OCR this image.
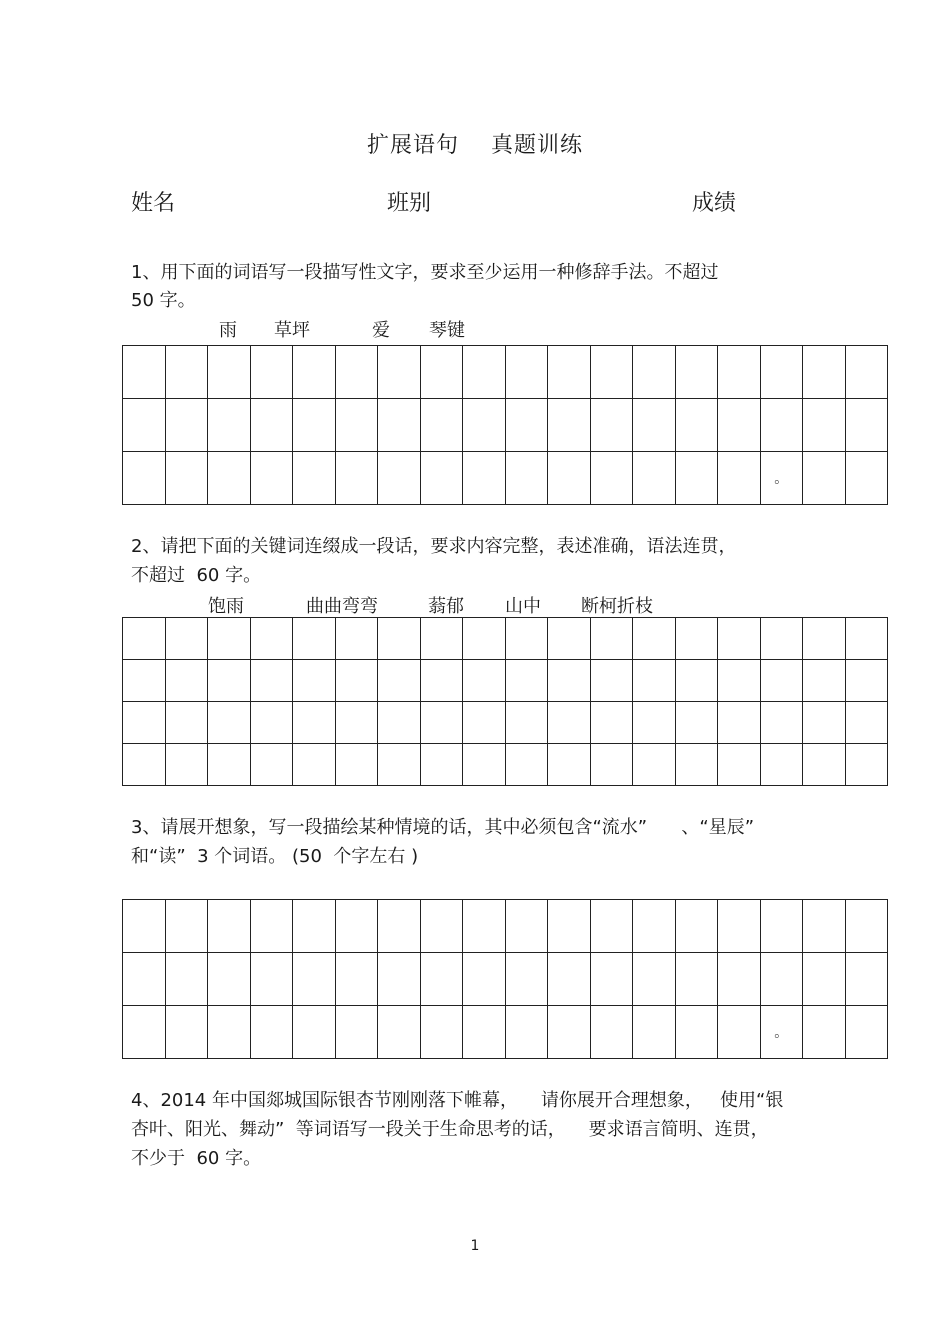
扩展语句 真题训练
姓名	班别	成绩
1、用下面的词语写一段描写性文字，要求至少运用一种修辞手法。不超过
50 字。
雨 草坪	爱 琴键

															。		
2、请把下面的关键词连缀成一段话，要求内容完整，表述准确，语法连贯，
不超过  60 字。
饱雨	曲曲弯弯	蓊郁 山中 断柯折枝

3、请展开想象，写一段描绘某种情境的话，其中必须包含“流水”      、“星辰”
和“读”  3 个词语。 (50  个字左右 )

															。		
4、2014 年中国郯城国际银杏节刚刚落下帷幕，    请你展开合理想象，   使用“银
杏叶、阳光、舞动”  等词语写一段关于生命思考的话，    要求语言简明、连贯，
不少于  60 字。
1
